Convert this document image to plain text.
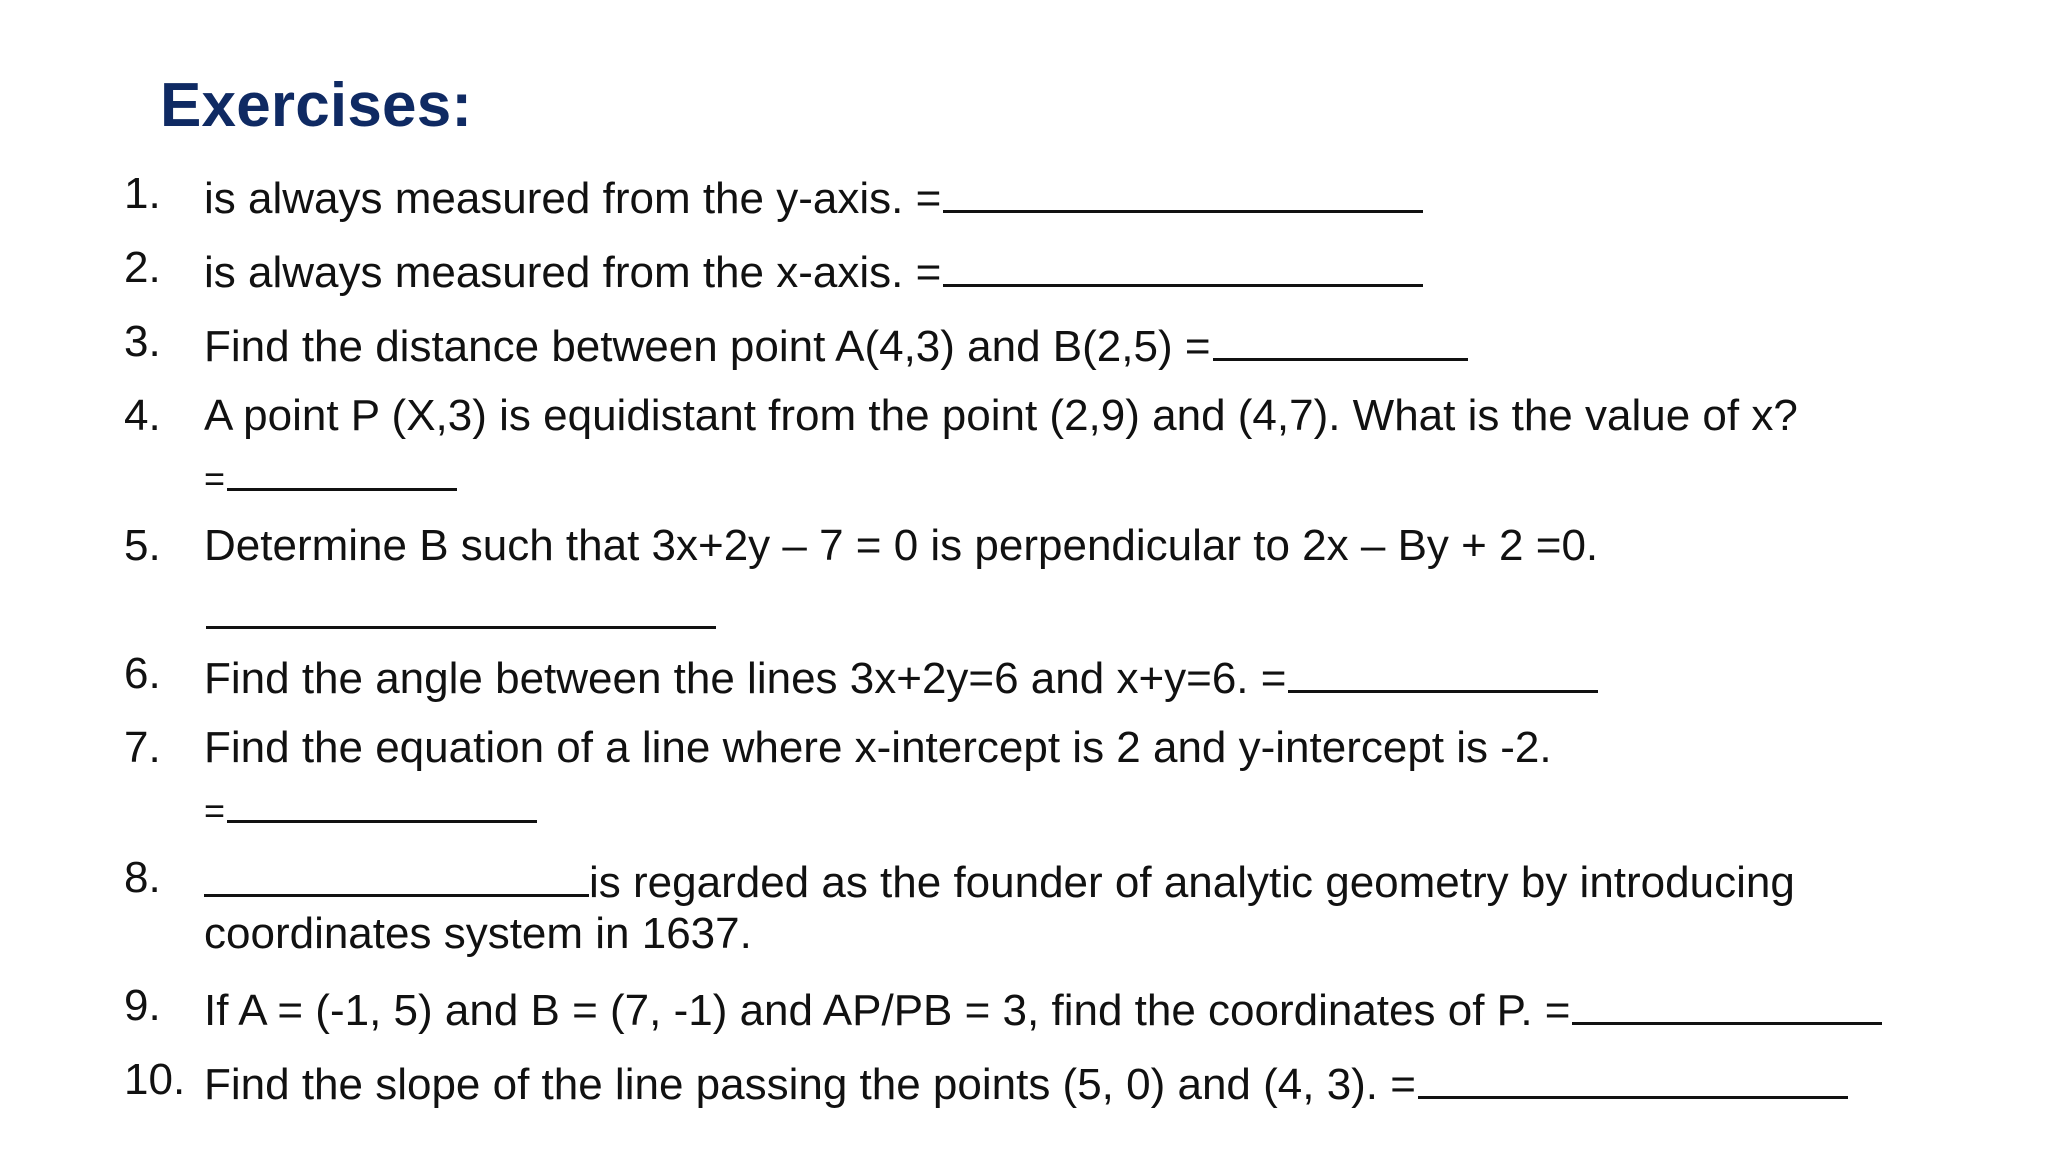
Exercises:
1. is always measured from the y-axis. =
2. is always measured from the x-axis. =
3. Find the distance between point A(4,3) and B(2,5) =
4. A point P (X,3) is equidistant from the point (2,9) and (4,7). What is the value of x?
=
5. Determine B such that 3x+2y – 7 = 0 is perpendicular to 2x – By + 2 =0.
6. Find the angle between the lines 3x+2y=6 and x+y=6. =
7. Find the equation of a line where x-intercept is 2 and y-intercept is -2.
=
8.	is regarded as the founder of analytic geometry by introducing
coordinates system in 1637.
9. If A = (-1, 5) and B = (7, -1) and AP/PB = 3, find the coordinates of P. =
10. Find the slope of the line passing the points (5, 0) and (4, 3). =
